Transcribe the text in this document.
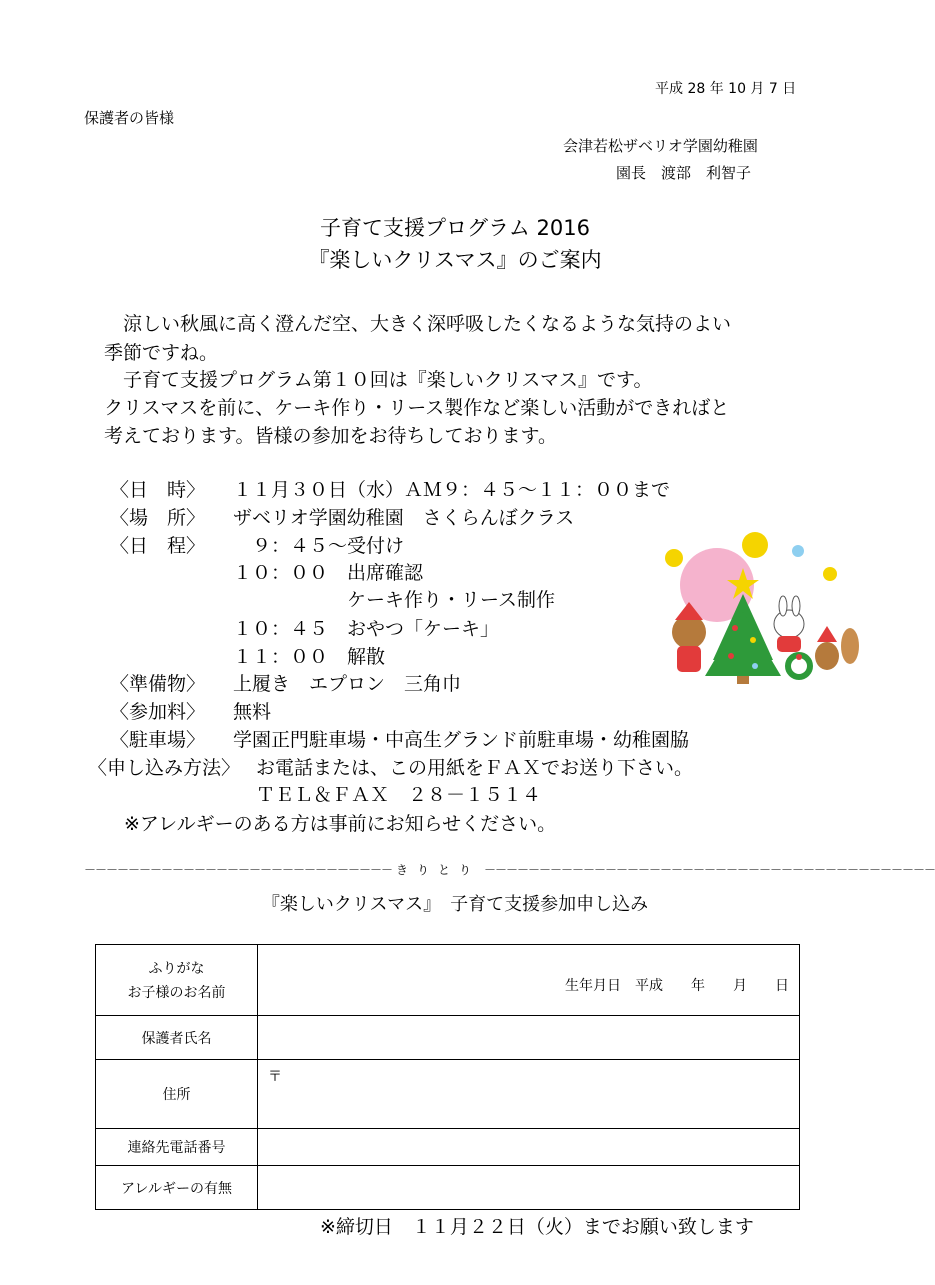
平成 28 年 10 月 7 日
保護者の皆様
会津若松ザベリオ学園幼稚園
園長　渡部　利智子
子育て支援プログラム 2016
『楽しいクリスマス』のご案内
　涼しい秋風に高く澄んだ空、大きく深呼吸したくなるような気持のよい
季節ですね。
　子育て支援プログラム第１０回は『楽しいクリスマス』です。
クリスマスを前に、ケーキ作り・リース製作など楽しい活動ができればと
考えております。皆様の参加をお待ちしております。
〈日　時〉 １１月３０日（水）ＡＭ９：４５～１１：００まで
〈場　所〉 ザベリオ学園幼稚園　さくらんぼクラス
〈日　程〉 　９：４５～受付け
１０：００　出席確認
　　　　　　ケーキ作り・リース制作
１０：４５　おやつ「ケーキ」
１１：００　解散
〈準備物〉 上履き　エプロン　三角巾
〈参加料〉 無料
〈駐車場〉 学園正門駐車場・中高生グランド前駐車場・幼稚園脇
〈申し込み方法〉 お電話または、この用紙をＦＡＸでお送り下さい。
ＴＥＬ＆ＦＡＸ　２８－１５１４
※アレルギーのある方は事前にお知らせください。
－－－－－－－－－－－－－－－－－－－－－－－－－－－－ きりとり －－－－－－－－－－－－－－－－－－－－－－－－－－－－－－－－－－－－－－－－－
『楽しいクリスマス』　子育て支援参加申し込み
ふりがな
お子様のお名前	生年月日　平成　　年　　月　　日

保護者氏名	
住所	〒

連絡先電話番号	
アレルギーの有無	
※締切日　１１月２２日（火）までお願い致します
